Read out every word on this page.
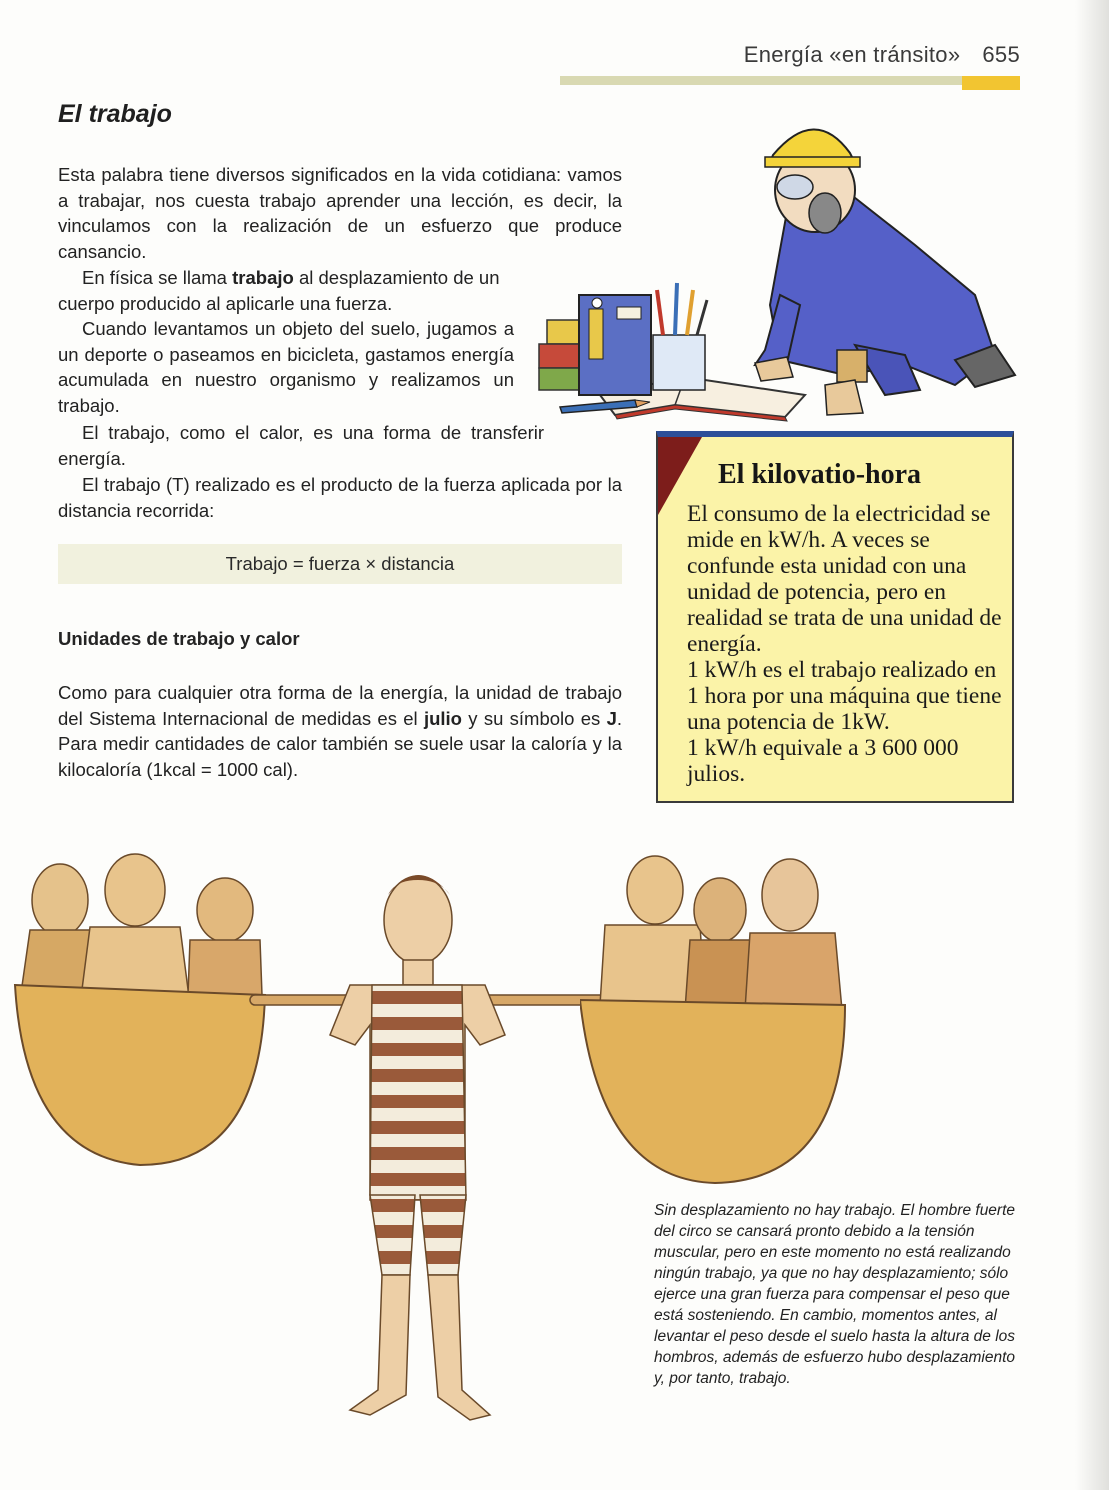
Energía «en tránsito» 655
El trabajo

Esta palabra tiene diversos significados en la vida cotidiana: vamos a trabajar, nos cuesta trabajo aprender una lección, es decir, la vinculamos con la realización de un esfuerzo que produce cansancio.

En física se llama trabajo al desplazamiento de un cuerpo producido al aplicarle una fuerza.

Cuando levantamos un objeto del suelo, jugamos a un deporte o paseamos en bicicleta, gastamos energía acumulada en nuestro organismo y realizamos un trabajo.

El trabajo, como el calor, es una forma de transferir energía.

El trabajo (T) realizado es el producto de la fuerza aplicada por la distancia recorrida:

Trabajo = fuerza × distancia
Unidades de trabajo y calor

Como para cualquier otra forma de la energía, la unidad de trabajo del Sistema Internacional de medidas es el julio y su símbolo es J. Para medir cantidades de calor también se suele usar la caloría y la kilocaloría (1kcal = 1000 cal).

El kilovatio-hora

El consumo de la electricidad se mide en kW/h. A veces se confunde esta unidad con una unidad de potencia, pero en realidad se trata de una unidad de energía.
1 kW/h es el trabajo realizado en 1 hora por una máquina que tiene una potencia de 1kW.
1 kW/h equivale a 3 600 000 julios.

Sin desplazamiento no hay trabajo. El hombre fuerte del circo se cansará pronto debido a la tensión muscular, pero en este momento no está realizando ningún trabajo, ya que no hay desplazamiento; sólo ejerce una gran fuerza para compensar el peso que está sosteniendo. En cambio, momentos antes, al levantar el peso desde el suelo hasta la altura de los hombros, además de esfuerzo hubo desplazamiento y, por tanto, trabajo.
